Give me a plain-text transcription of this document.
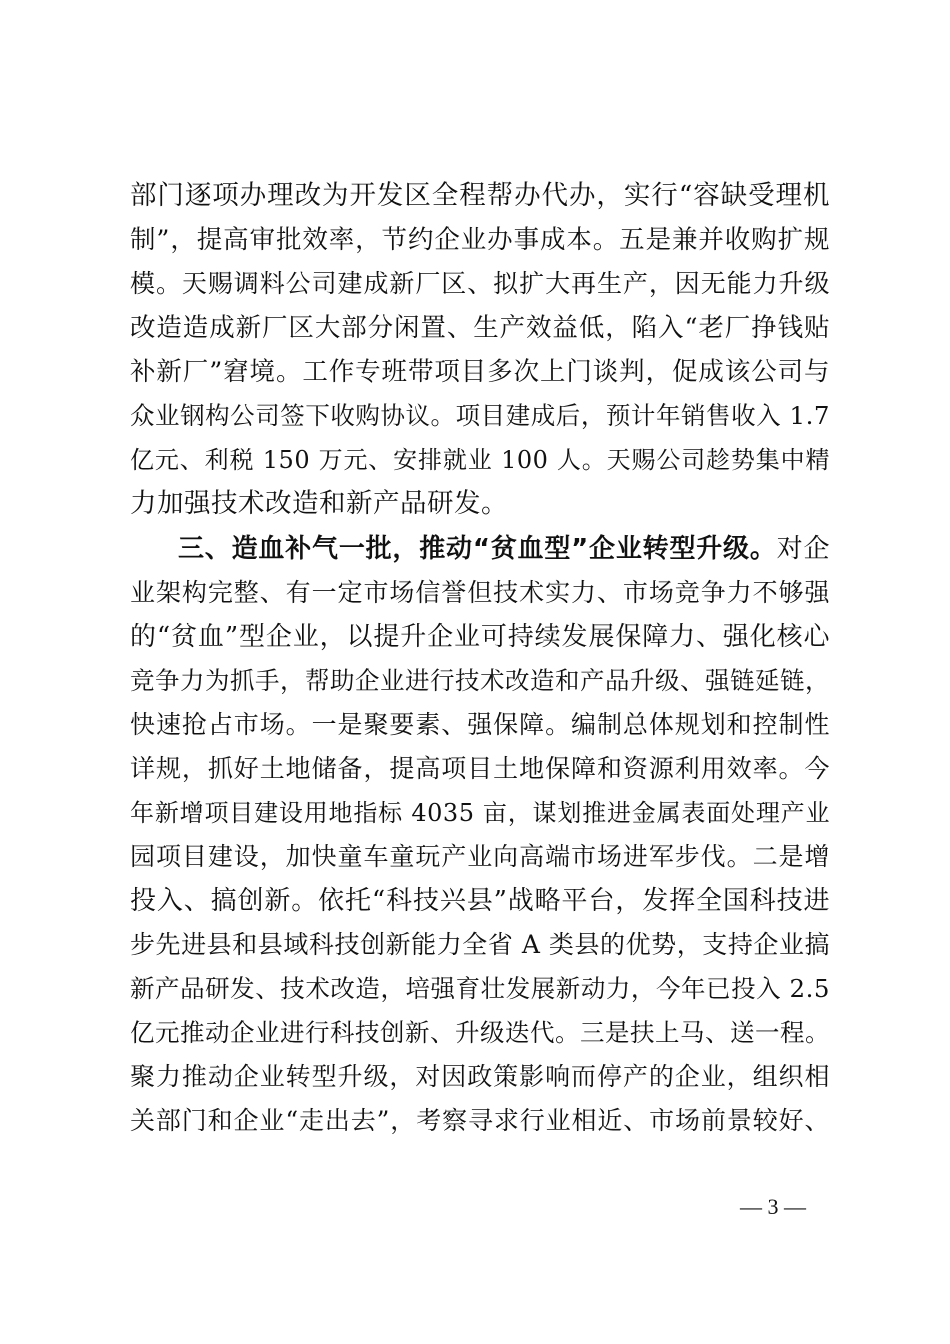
部门逐项办理改为开发区全程帮办代办，实行“容缺受理机
制”，提高审批效率，节约企业办事成本。五是兼并收购扩规
模。天赐调料公司建成新厂区、拟扩大再生产，因无能力升级
改造造成新厂区大部分闲置、生产效益低，陷入“老厂挣钱贴
补新厂”窘境。工作专班带项目多次上门谈判，促成该公司与
众业钢构公司签下收购协议。项目建成后，预计年销售收入 1.7
亿元、利税 150 万元、安排就业 100 人。天赐公司趁势集中精
力加强技术改造和新产品研发。
三、造血补气一批，推动“贫血型”企业转型升级。对企
业架构完整、有一定市场信誉但技术实力、市场竞争力不够强
的“贫血”型企业，以提升企业可持续发展保障力、强化核心
竞争力为抓手，帮助企业进行技术改造和产品升级、强链延链，
快速抢占市场。一是聚要素、强保障。编制总体规划和控制性
详规，抓好土地储备，提高项目土地保障和资源利用效率。今
年新增项目建设用地指标 4035 亩，谋划推进金属表面处理产业
园项目建设，加快童车童玩产业向高端市场进军步伐。二是增
投入、搞创新。依托“科技兴县”战略平台，发挥全国科技进
步先进县和县域科技创新能力全省 A 类县的优势，支持企业搞
新产品研发、技术改造，培强育壮发展新动力，今年已投入 2.5
亿元推动企业进行科技创新、升级迭代。三是扶上马、送一程。
聚力推动企业转型升级，对因政策影响而停产的企业，组织相
关部门和企业“走出去”，考察寻求行业相近、市场前景较好、
— 3 —
